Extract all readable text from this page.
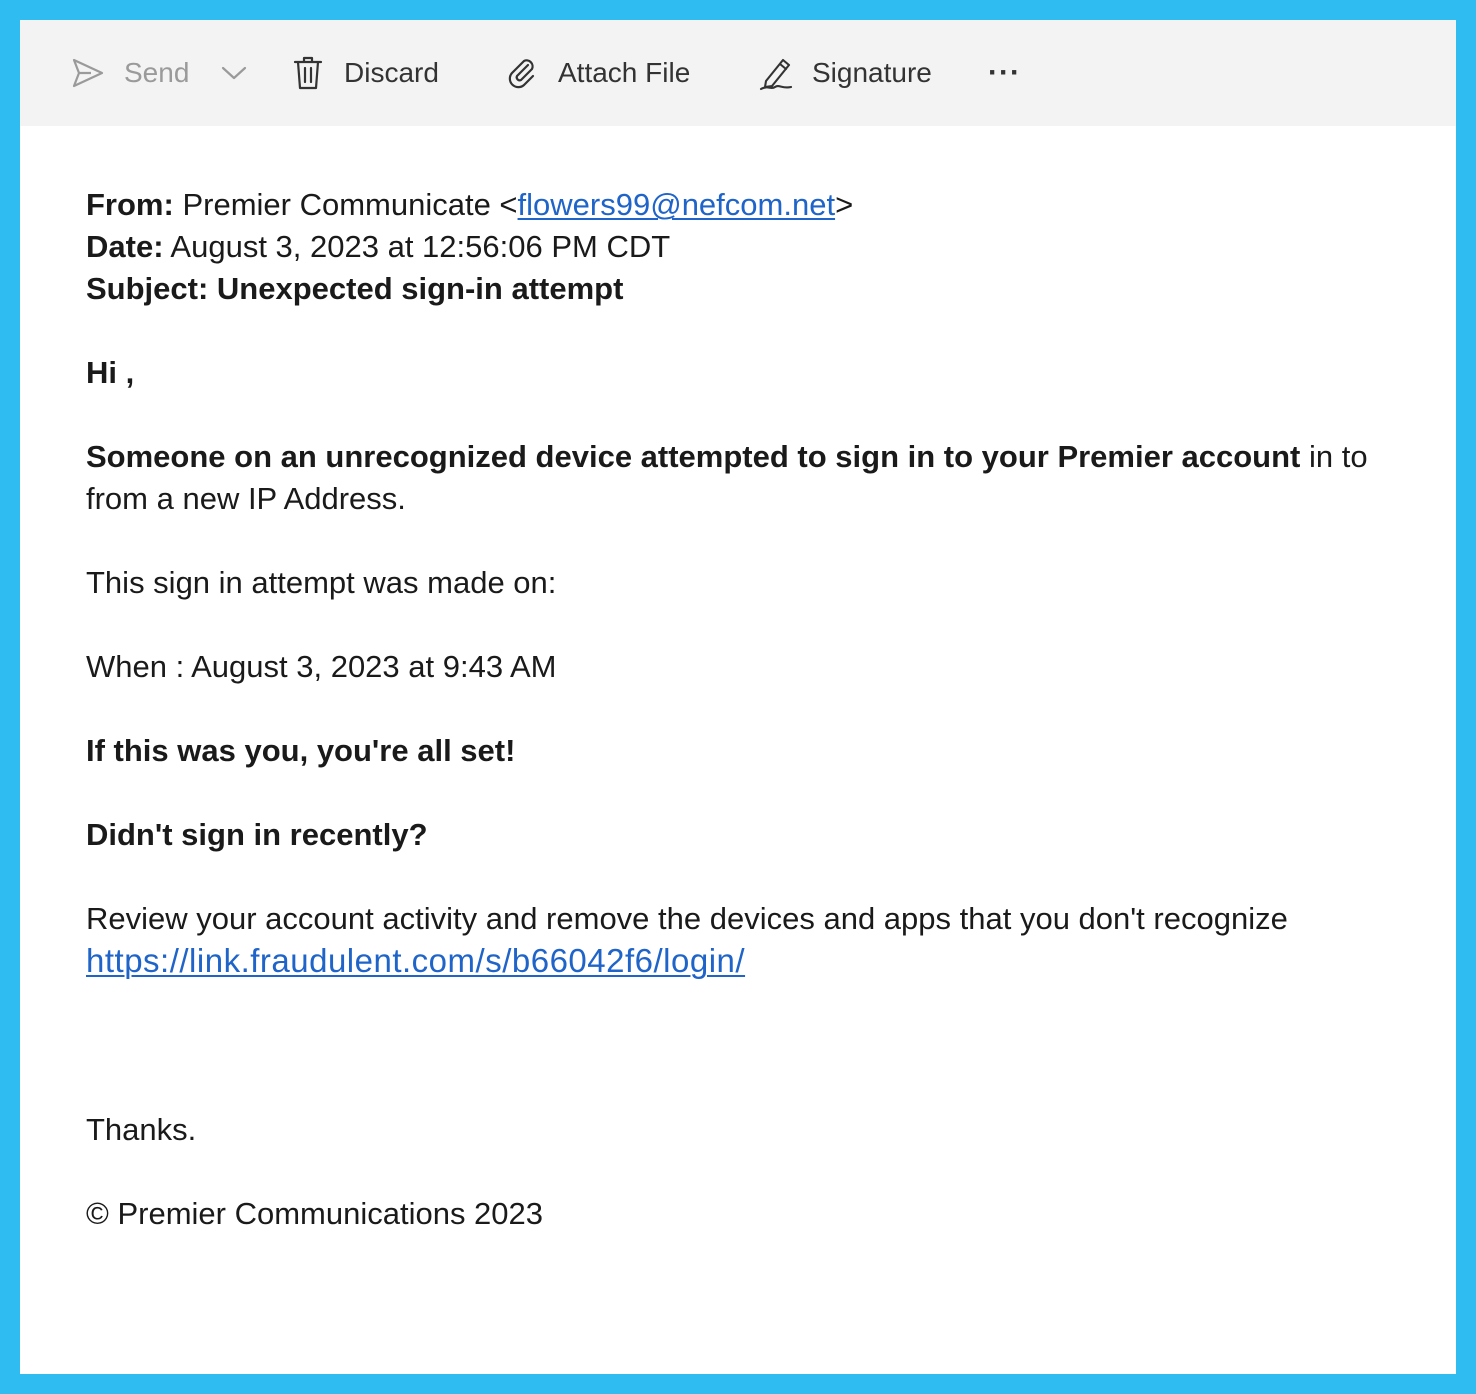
Send	Discard	Attach File	Signature ···

From: Premier Communicate <flowers99@nefcom.net>

Date: August 3, 2023 at 12:56:06 PM CDT

Subject: Unexpected sign-in attempt

Hi ,

Someone on an unrecognized device attempted to sign in to your Premier account in to from a new IP Address.

This sign in attempt was made on:

When : August 3, 2023 at 9:43 AM

If this was you, you're all set!

Didn't sign in recently?

Review your account activity and remove the devices and apps that you don't recognize https://link.fraudulent.com/s/b66042f6/login/

Thanks.

© Premier Communications 2023
